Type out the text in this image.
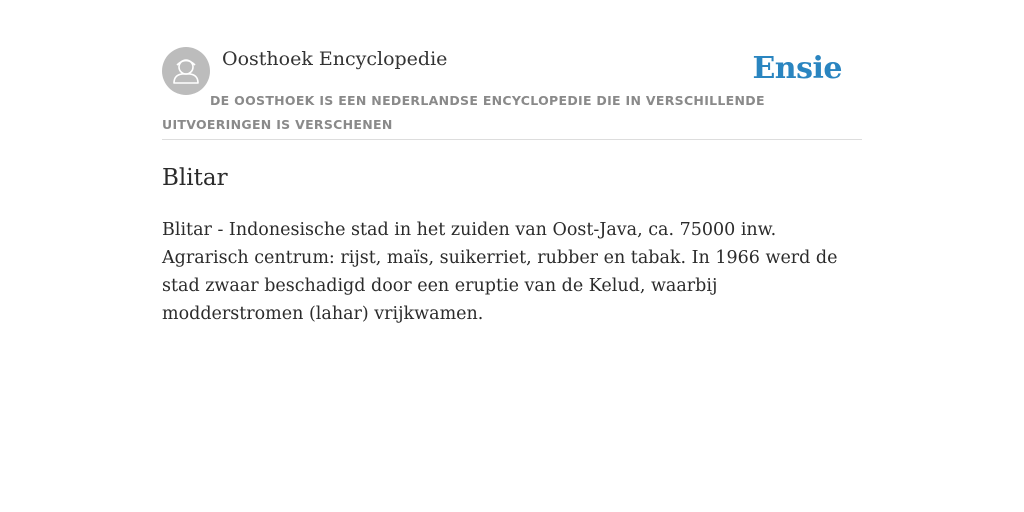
Oosthoek Encyclopedie	Ensie
DE OOSTHOEK IS EEN NEDERLANDSE ENCYCLOPEDIE DIE IN VERSCHILLENDE UITVOERINGEN IS VERSCHENEN
Blitar

Blitar - Indonesische stad in het zuiden van Oost-Java, ca. 75000 inw. Agrarisch centrum: rijst, maïs, suikerriet, rubber en tabak. In 1966 werd de stad zwaar beschadigd door een eruptie van de Kelud, waarbij modderstromen (lahar) vrijkwamen.
